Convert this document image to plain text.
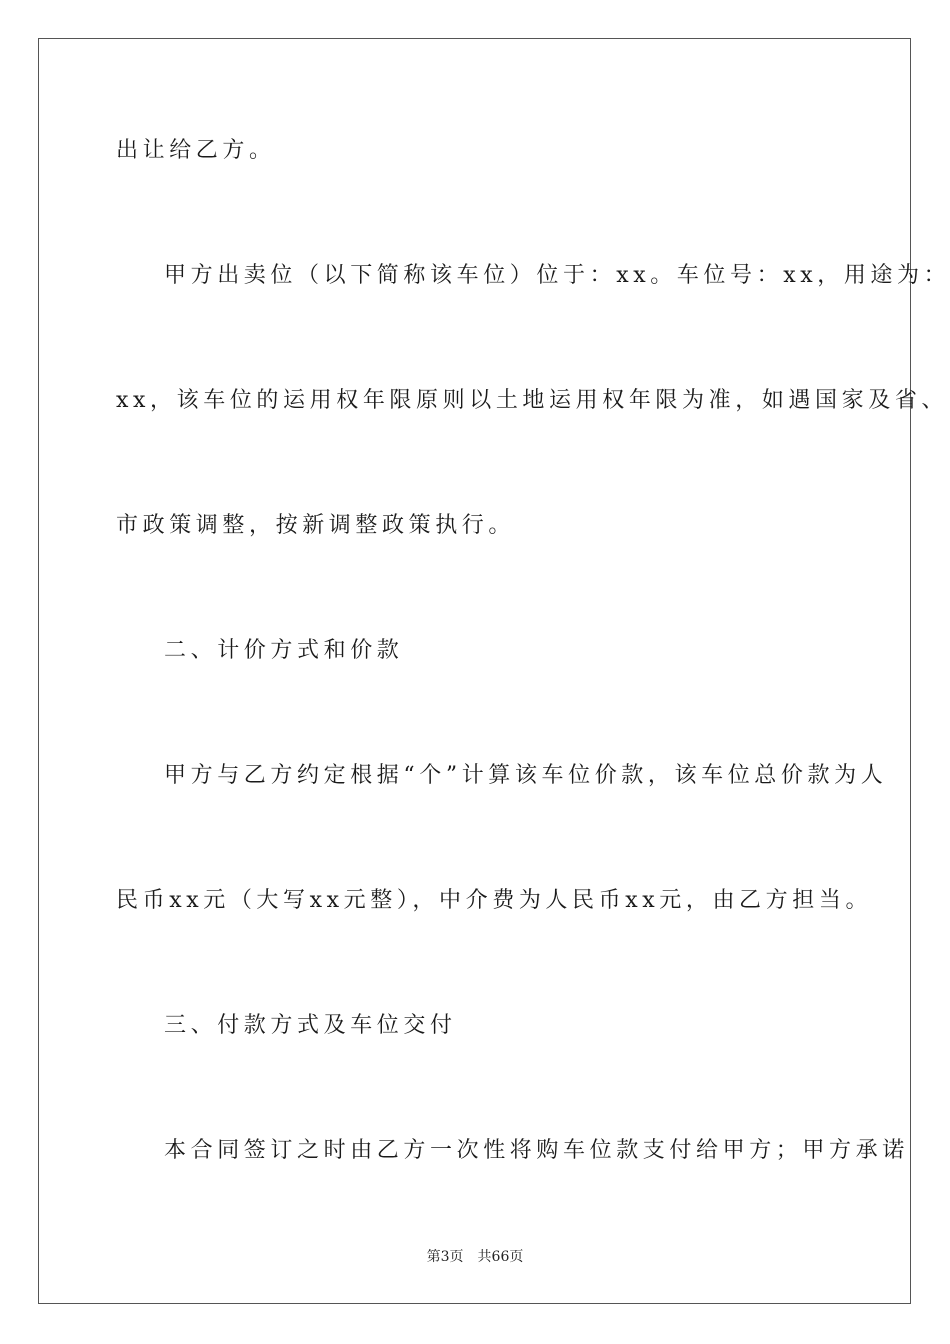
出让给乙方。
甲方出卖位（以下简称该车位）位于：xx。车位号：xx，用途为：
xx，该车位的运用权年限原则以土地运用权年限为准，如遇国家及省、
市政策调整，按新调整政策执行。
二、计价方式和价款
甲方与乙方约定根据“个”计算该车位价款，该车位总价款为人
民币xx元（大写xx元整），中介费为人民币xx元，由乙方担当。
三、付款方式及车位交付
本合同签订之时由乙方一次性将购车位款支付给甲方；甲方承诺
第3页 共66页
